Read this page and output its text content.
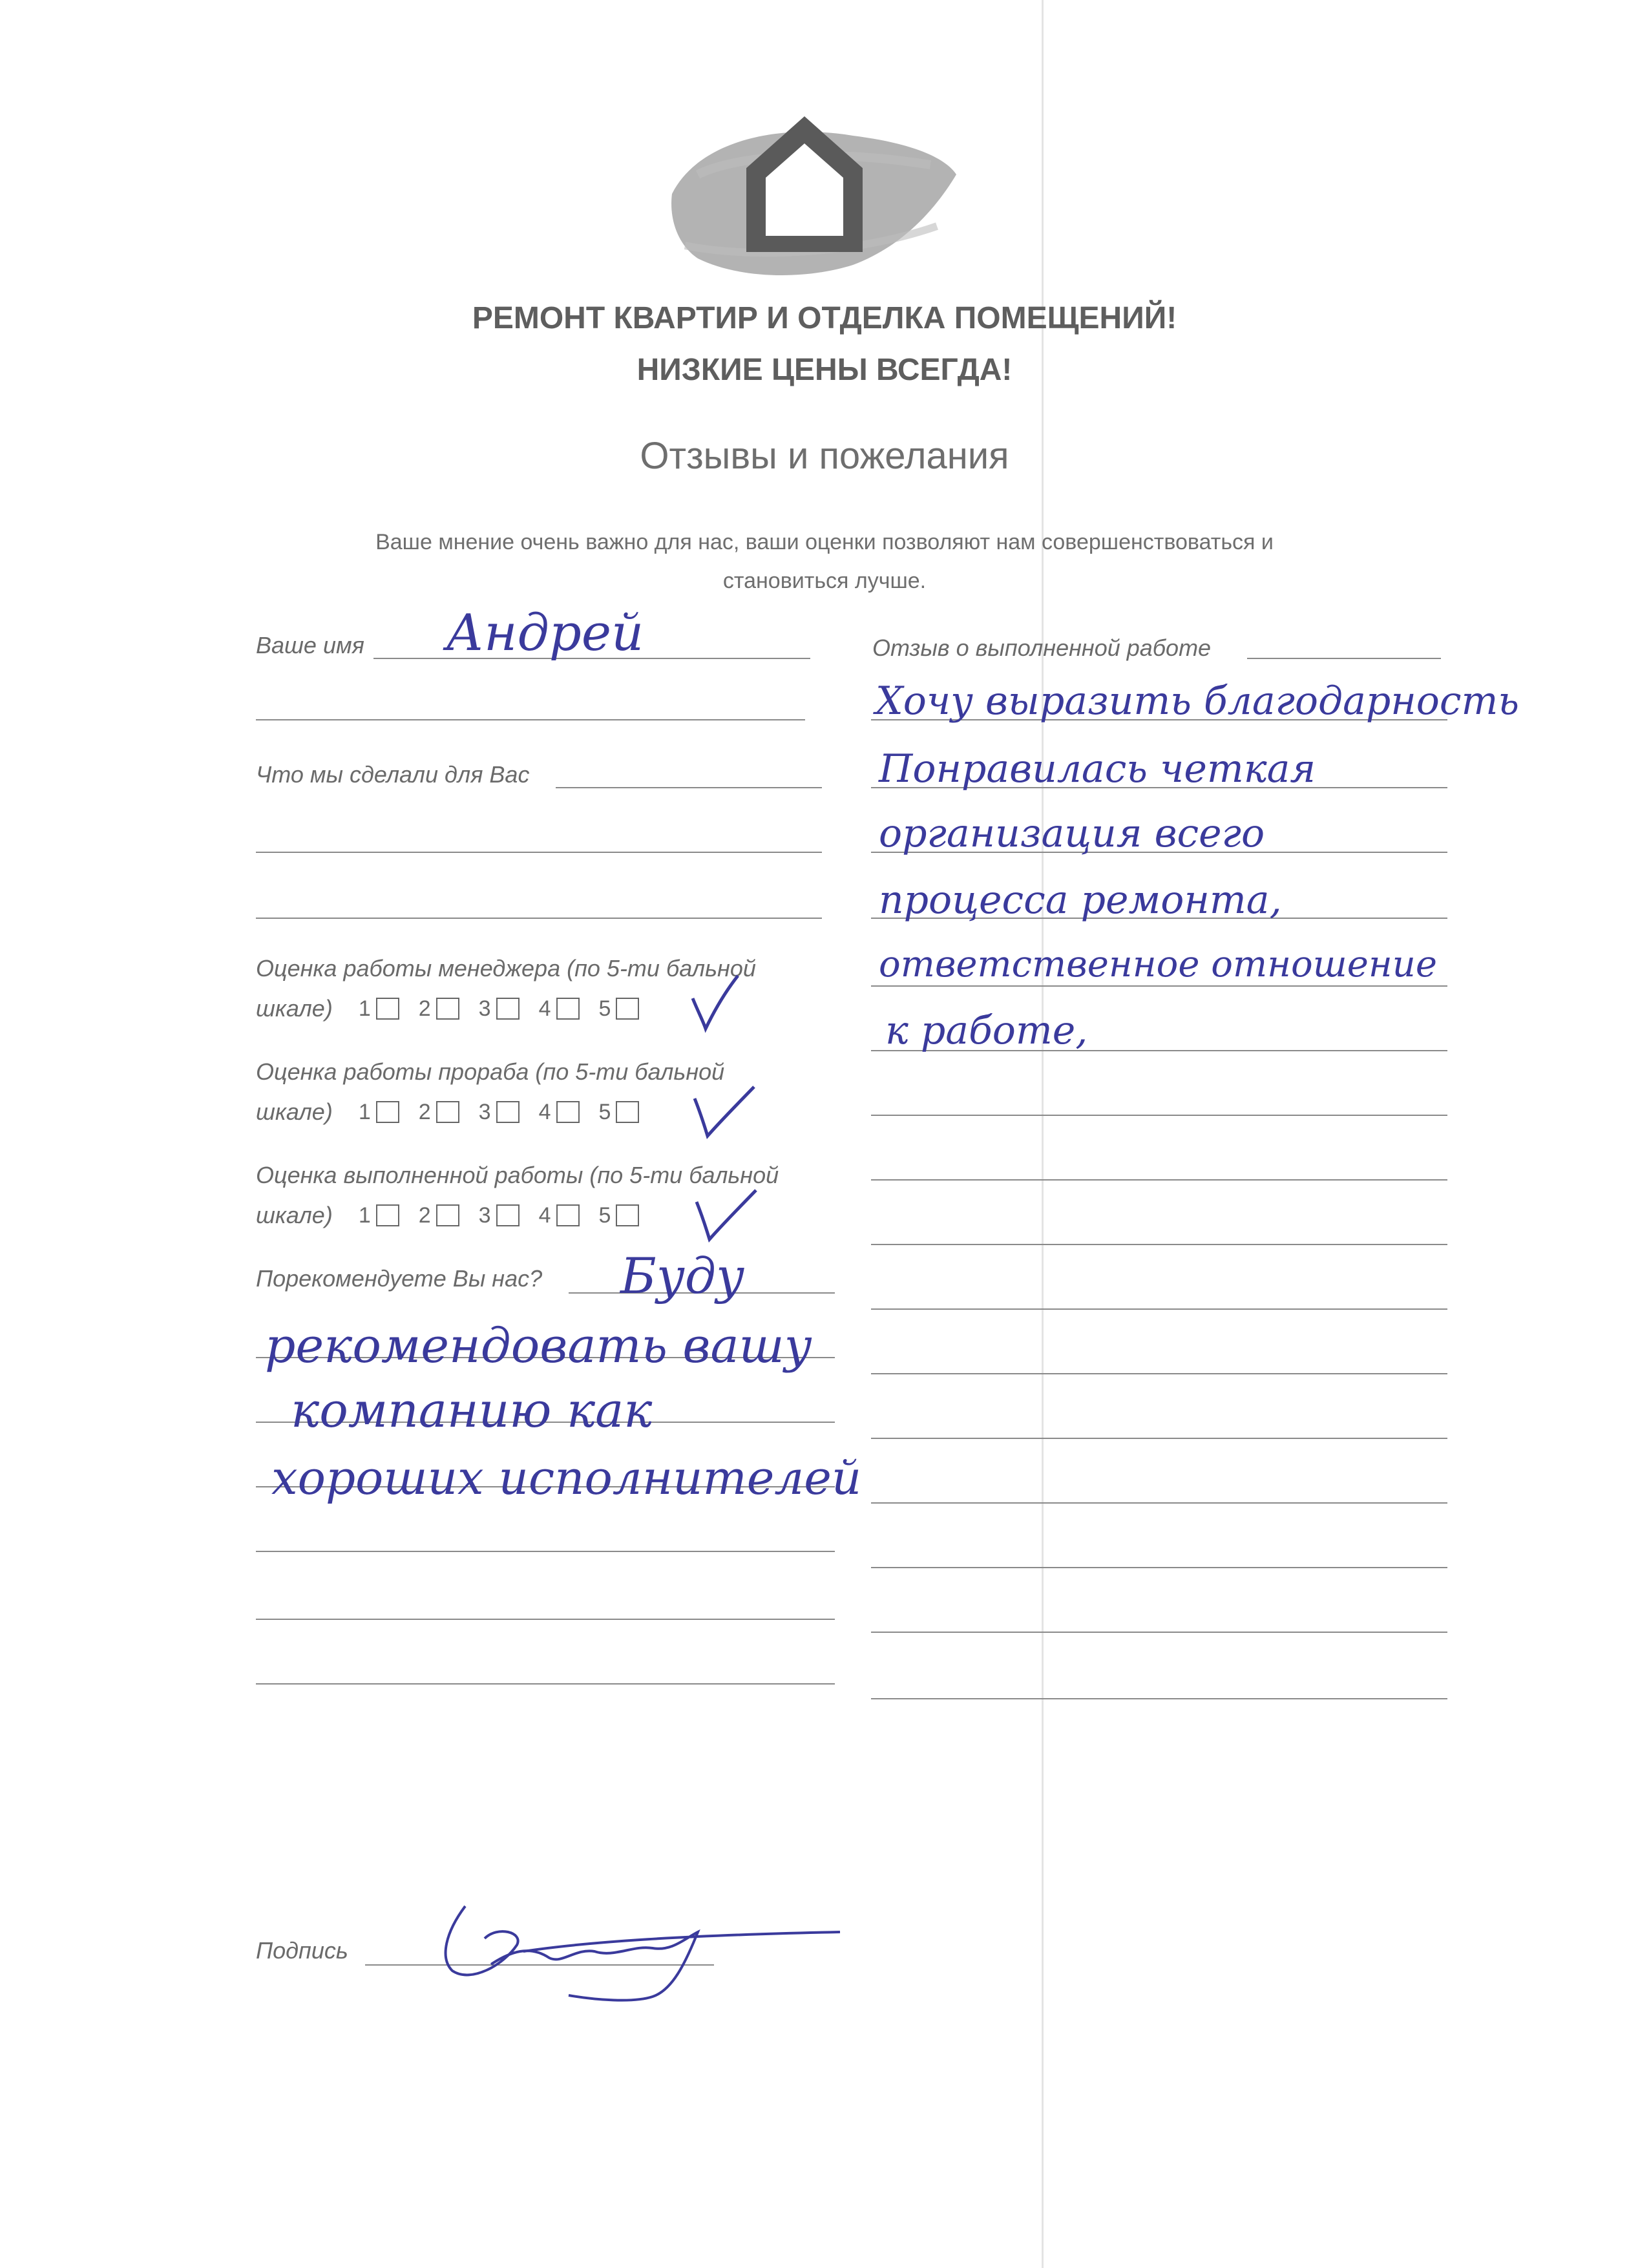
РЕМОНТ КВАРТИР И ОТДЕЛКА ПОМЕЩЕНИЙ!
НИЗКИЕ ЦЕНЫ ВСЕГДА!
Отзывы и пожелания
Ваше мнение очень важно для нас, ваши оценки позволяют нам совершенствоваться и
становиться лучше.
Ваше имя Андрей
Что мы сделали для Вас
Оценка работы менеджера (по 5-ти бальной
шкале) 1 2 3 4 5
Оценка работы прораба (по 5-ти бальной
шкале) 1 2 3 4 5
Оценка выполненной работы (по 5-ти бальной
шкале) 1 2 3 4 5
Порекомендуете Вы нас? Буду
рекомендовать вашу
компанию как
хороших исполнителей
Подпись
Отзыв о выполненной работе
Хочу выразить благодарность
Понравилась четкая
организация всего
процесса ремонта,
ответственное отношение
к работе,
